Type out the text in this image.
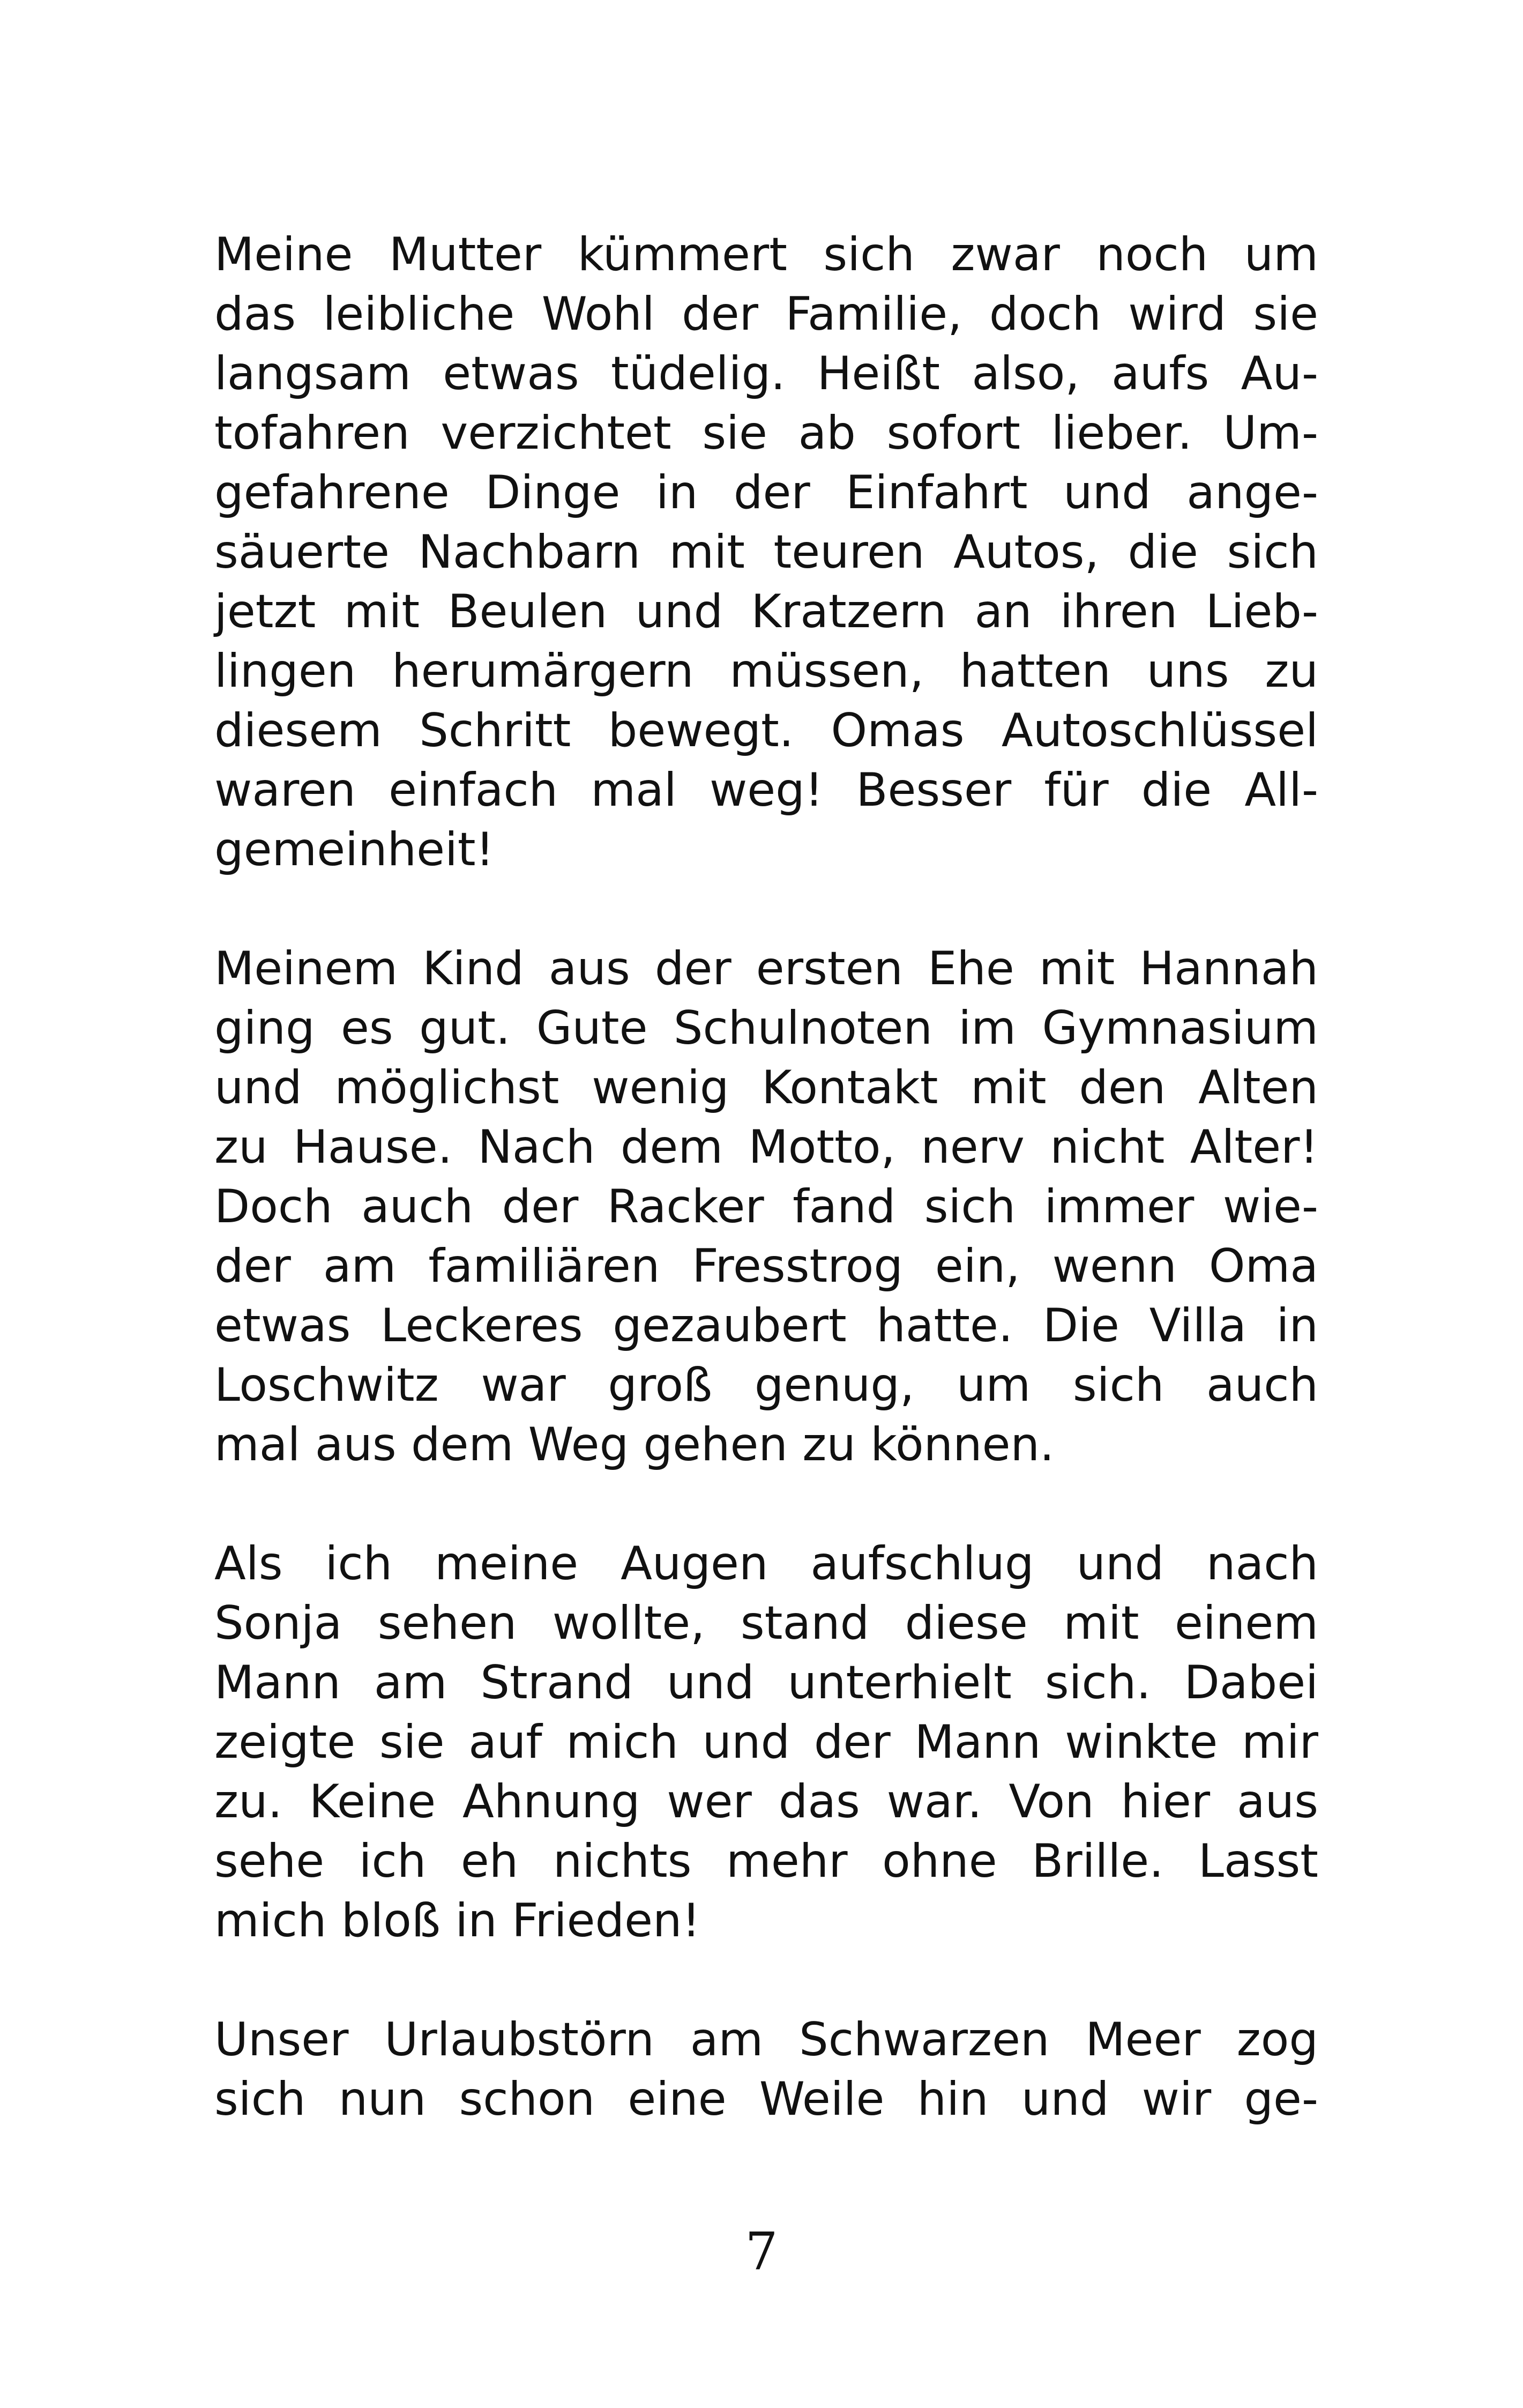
Meine Mutter kümmert sich zwar noch um
das leibliche Wohl der Familie, doch wird sie
langsam etwas tüdelig. Heißt also, aufs Au-
tofahren verzichtet sie ab sofort lieber. Um-
gefahrene Dinge in der Einfahrt und ange-
säuerte Nachbarn mit teuren Autos, die sich
jetzt mit Beulen und Kratzern an ihren Lieb-
lingen herumärgern müssen, hatten uns zu
diesem Schritt bewegt. Omas Autoschlüssel
waren einfach mal weg! Besser für die All-
gemeinheit!
Meinem Kind aus der ersten Ehe mit Hannah
ging es gut. Gute Schulnoten im Gymnasium
und möglichst wenig Kontakt mit den Alten
zu Hause. Nach dem Motto, nerv nicht Alter!
Doch auch der Racker fand sich immer wie-
der am familiären Fresstrog ein, wenn Oma
etwas Leckeres gezaubert hatte. Die Villa in
Loschwitz war groß genug, um sich auch
mal aus dem Weg gehen zu können.
Als ich meine Augen aufschlug und nach
Sonja sehen wollte, stand diese mit einem
Mann am Strand und unterhielt sich. Dabei
zeigte sie auf mich und der Mann winkte mir
zu. Keine Ahnung wer das war. Von hier aus
sehe ich eh nichts mehr ohne Brille. Lasst
mich bloß in Frieden!
Unser Urlaubstörn am Schwarzen Meer zog
sich nun schon eine Weile hin und wir ge-
7
